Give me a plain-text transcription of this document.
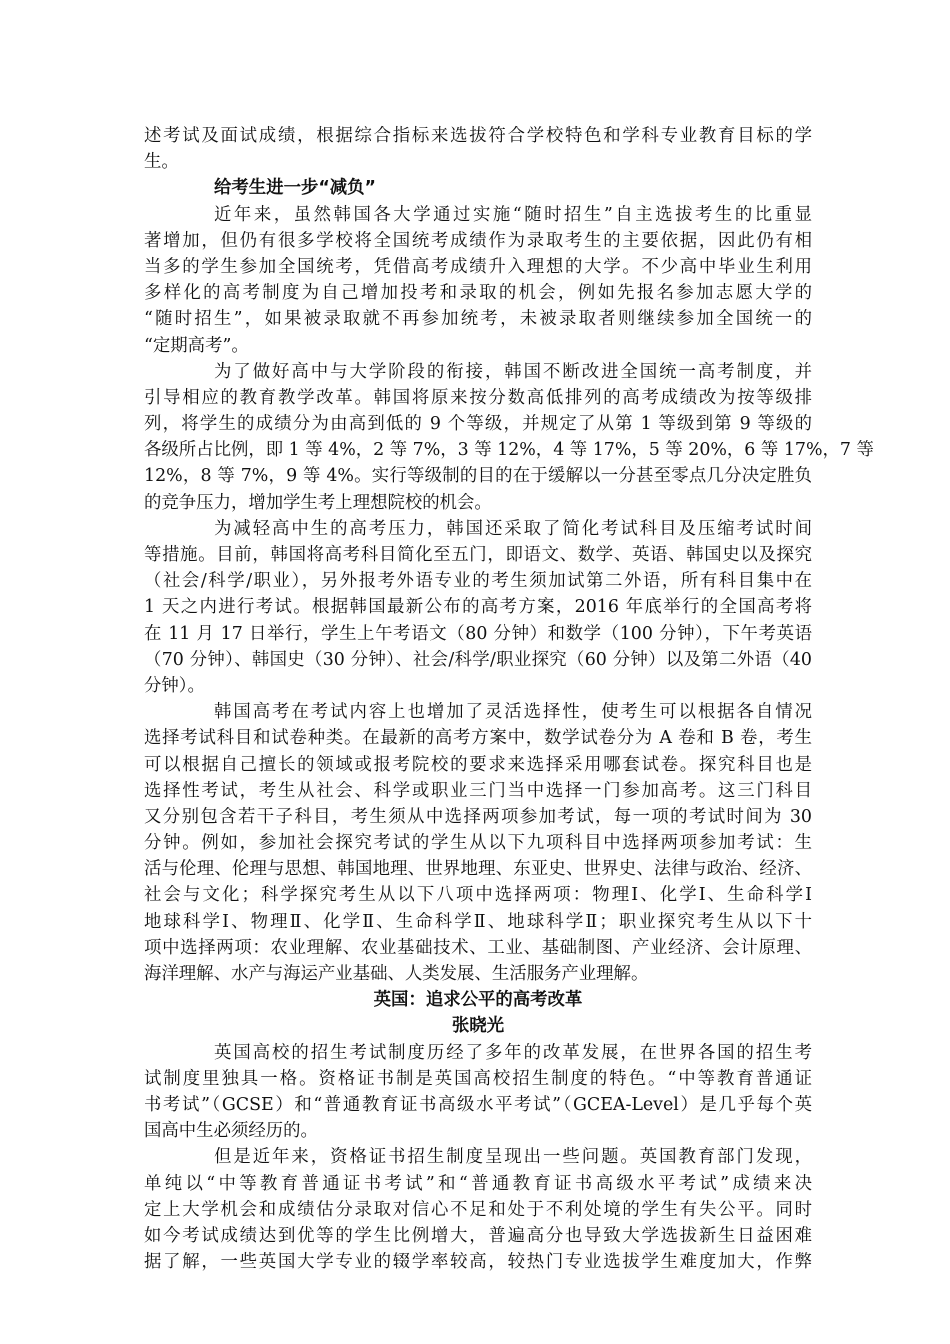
述考试及面试成绩，根据综合指标来选拔符合学校特色和学科专业教育目标的学
生。
给考生进一步“减负”
近年来，虽然韩国各大学通过实施“随时招生”自主选拔考生的比重显
著增加，但仍有很多学校将全国统考成绩作为录取考生的主要依据，因此仍有相
当多的学生参加全国统考，凭借高考成绩升入理想的大学。不少高中毕业生利用
多样化的高考制度为自己增加投考和录取的机会，例如先报名参加志愿大学的
“随时招生”，如果被录取就不再参加统考，未被录取者则继续参加全国统一的
“定期高考”。
为了做好高中与大学阶段的衔接，韩国不断改进全国统一高考制度，并
引导相应的教育教学改革。韩国将原来按分数高低排列的高考成绩改为按等级排
列，将学生的成绩分为由高到低的 9 个等级，并规定了从第 1 等级到第 9 等级的
各级所占比例，即 1 等 4%，2 等 7%，3 等 12%，4 等 17%，5 等 20%，6 等 17%，7 等
12%，8 等 7%，9 等 4%。实行等级制的目的在于缓解以一分甚至零点几分决定胜负
的竞争压力，增加学生考上理想院校的机会。
为减轻高中生的高考压力，韩国还采取了简化考试科目及压缩考试时间
等措施。目前，韩国将高考科目简化至五门，即语文、数学、英语、韩国史以及探究
（社会/科学/职业），另外报考外语专业的考生须加试第二外语，所有科目集中在
1 天之内进行考试。根据韩国最新公布的高考方案，2016 年底举行的全国高考将
在 11 月 17 日举行，学生上午考语文（80 分钟）和数学（100 分钟），下午考英语
（70 分钟）、韩国史（30 分钟）、社会/科学/职业探究（60 分钟）以及第二外语（40
分钟）。
韩国高考在考试内容上也增加了灵活选择性，使考生可以根据各自情况
选择考试科目和试卷种类。在最新的高考方案中，数学试卷分为 A 卷和 B 卷，考生
可以根据自己擅长的领域或报考院校的要求来选择采用哪套试卷。探究科目也是
选择性考试，考生从社会、科学或职业三门当中选择一门参加高考。这三门科目
又分别包含若干子科目，考生须从中选择两项参加考试，每一项的考试时间为 30
分钟。例如，参加社会探究考试的学生从以下九项科目中选择两项参加考试：生
活与伦理、伦理与思想、韩国地理、世界地理、东亚史、世界史、法律与政治、经济、
社会与文化；科学探究考生从以下八项中选择两项：物理Ⅰ、化学Ⅰ、生命科学Ⅰ
地球科学Ⅰ、物理Ⅱ、化学Ⅱ、生命科学Ⅱ、地球科学Ⅱ；职业探究考生从以下十
项中选择两项：农业理解、农业基础技术、工业、基础制图、产业经济、会计原理、
海洋理解、水产与海运产业基础、人类发展、生活服务产业理解。
英国：追求公平的高考改革
张晓光
英国高校的招生考试制度历经了多年的改革发展，在世界各国的招生考
试制度里独具一格。资格证书制是英国高校招生制度的特色。“中等教育普通证
书考试”（GCSE）和“普通教育证书高级水平考试”（GCEA-Level）是几乎每个英
国高中生必须经历的。
但是近年来，资格证书招生制度呈现出一些问题。英国教育部门发现，
单纯以“中等教育普通证书考试”和“普通教育证书高级水平考试”成绩来决
定上大学机会和成绩估分录取对信心不足和处于不利处境的学生有失公平。同时
如今考试成绩达到优等的学生比例增大，普遍高分也导致大学选拔新生日益困难
据了解，一些英国大学专业的辍学率较高，较热门专业选拔学生难度加大，作弊
